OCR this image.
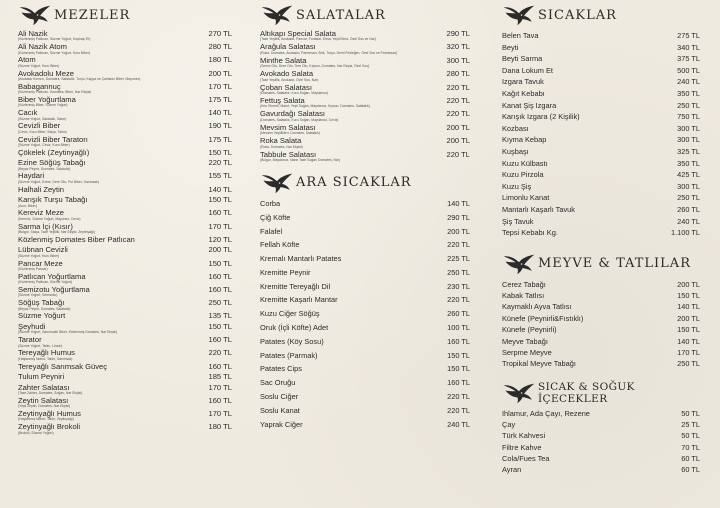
MEZELER
Ali Nazik
(Közlenmiş Patlıcan, Süzme Yoğurt, Kuşbaşı Et)
270 TL
Ali Nazik Atom
(Közlenmiş Patlıcan, Süzme Yoğurt, Kuru Biber)
280 TL
Atom
(Süzme Yoğurt, Kuru Biber)
180 TL
Avokadolu Meze
(Avokado Kırmızı, Domates, Salatalık, Turşu, Kapya ve Çarliston Biber, Mayonez)
200 TL
Babagannuç
(Közlenmiş Patlıcan, Domates, Biber, Nar Ekşisi)
170 TL
Biber Yoğurtlama
(Közlenmiş Biber, Süzme Yoğurt)
175 TL
Cacık
(Süzme Yoğurt, Salatalık, Nane)
140 TL
Cevizli Biber
(Ceviz, Kuru Biber, Salça, Tahin)
190 TL
Cevizli Biber Taratorı
(Süzme Yoğurt, Ceviz, Kuru Biber)
175 TL
Çökelek (Zeytinyağlı)	150 TL
Ezine Söğüş Tabağı
(Beyaz Peynir, Domates, Salatalık)
220 TL
Haydari
(Süzme Yoğurt, Ezine, Dere Otu, Pul Biber, Sarımsak)
155 TL
Halhali Zeytin	140 TL
Karışık Turşu Tabağı
(Acur, Biber)
150 TL
Kereviz Meze
(Kereviz, Süzme Yoğurt, Mayonez, Ceviz)
160 TL
Sarma İçi (Kısır)
(Bulgur, Salça, Taze Yeşillik, Nar Ekşisi, Zeytinyağı)
170 TL
Közlenmiş Domates Biber Patlıcan	120 TL
Lübnan Cevizli
(Süzme Yoğurt, Kuru Biber)
200 TL
Pancar Meze
(Közlenmiş Pancar)
150 TL
Patlıcan Yoğurtlama
(Közlenmiş Patlıcan, Süzme Yoğurt)
160 TL
Semizotu Yoğurtlama
(Süzme Yoğurt, Semizotu)
160 TL
Söğüş Tabağı
(Beyaz Peynir, Domates, Salatalık)
250 TL
Süzme Yoğurt	135 TL
Şeyhudi
(Süzme Yoğurt, Sarımsaklı Biber, Közlenmiş Domates, Nar Ekşisi)
150 TL
Tarator
(Süzme Yoğurt, Tahin, Limon)
160 TL
Tereyağlı Humus
(Haşlanmış Nohut, Tahin, Sarımsak)
220 TL
Tereyağlı Sarımsak Güveç	160 TL
Tulum Peyniri	185 TL
Zahter Salatası
(Taze Zahter, Domates, Soğan, Nar Ekşisi)
170 TL
Zeytin Salatası
(Yeşil Zeytin, Domates, Nar Ekşisi)
160 TL
Zeytinyağlı Humus
(Haşlanmış Nohut, Tahin, Zeytinyağı)
170 TL
Zeytinyağlı Brokoli
(Brokoli, Süzme Yoğurt)
180 TL
SALATALAR
Altıkapı Special Salata
(Taze Yeşillik, Avokado, Pancar, Portakal, Elma, Yeşil Elma, Özel Sos ve Nar)
290 TL
Arağula Salatası
(Roka, Domates, Avokado, Parmesan, Brik, Turşu, Demi Fesleğen, Özel Sos ve Parmesan)
320 TL
Minthe Salata
(Semiz Otu, Dere Otu, Tere Otu, Kıyson, Domates, Nar Ekşisi, Özel Sos)
300 TL
Avokado Salata
(Taze Yeşillik, Avokado, Özel Sos, Nar)
280 TL
Çoban Salatası
(Domates, Salatalık, Kuru Soğan, Maydanoz)
220 TL
Fettuş Salata
(Kıtır Ekmek, Marul, Yeşil Soğan, Maydanoz, Kıyson, Domates, Salatalık)
220 TL
Gavurdağı Salatası
(Domates, Salatalık, Kuru Soğan, Maydanoz, Ceviz)
220 TL
Mevsim Salatası
(Mevsim Yeşillikleri, Domates, Salatalık)
200 TL
Roka Salata
(Roka, Domates, Nar Ekşisi)
200 TL
Tabbule Salatası
(Bulgur, Maydanoz, Nane Taze Soğan Domates, Nar)
220 TL
ARA SICAKLAR
Corba	140 TL
Çiğ Köfte	290 TL
Falafel	200 TL
Fellah Köfte	220 TL
Kremalı Mantarlı Patates	225 TL
Kremitte Peynir	250 TL
Kremitte Tereyağlı Dil	230 TL
Kremitte Kaşarlı Mantar	220 TL
Kuzu Ciğer Söğüş	260 TL
Oruk (İçli Köfte) Adet	100 TL
Patates (Köy Sosu)	160 TL
Patates (Parmak)	150 TL
Patates Cips	150 TL
Sac Oruğu	160 TL
Soslu Ciğer	220 TL
Soslu Kanat	220 TL
Yaprak Ciğer	240 TL
SICAKLAR
Belen Tava	275 TL
Beyti	340 TL
Beyti Sarma	375 TL
Dana Lokum Et	500 TL
Izgara Tavuk	240 TL
Kağıt Kebabı	350 TL
Kanat Şiş Izgara	250 TL
Karışık Izgara (2 Kişilik)	750 TL
Kozbası	300 TL
Kıyma Kebap	300 TL
Kuşbaşı	325 TL
Kuzu Külbastı	350 TL
Kuzu Pirzola	425 TL
Kuzu Şiş	300 TL
Limonlu Kanat	250 TL
Mantarlı Kaşarlı Tavuk	260 TL
Şiş Tavuk	240 TL
Tepsi Kebabı Kg.	1.100 TL
MEYVE & TATLILAR
Cerez Tabağı	200 TL
Kabak Tatlısı	150 TL
Kaymaklı Ayva Tatlısı	140 TL
Künefe (Peynirli&Fıstıklı)	200 TL
Künefe (Peynirli)	150 TL
Meyve Tabağı	140 TL
Serpme Meyve	170 TL
Tropikal Meyve Tabağı	250 TL
SICAK & SOĞUK İÇECEKLER
Ihlamur, Ada Çayı, Rezene	50 TL
Çay	25 TL
Türk Kahvesi	50 TL
Filtre Kahve	70 TL
Cola/Fues Tea	60 TL
Ayran	60 TL
